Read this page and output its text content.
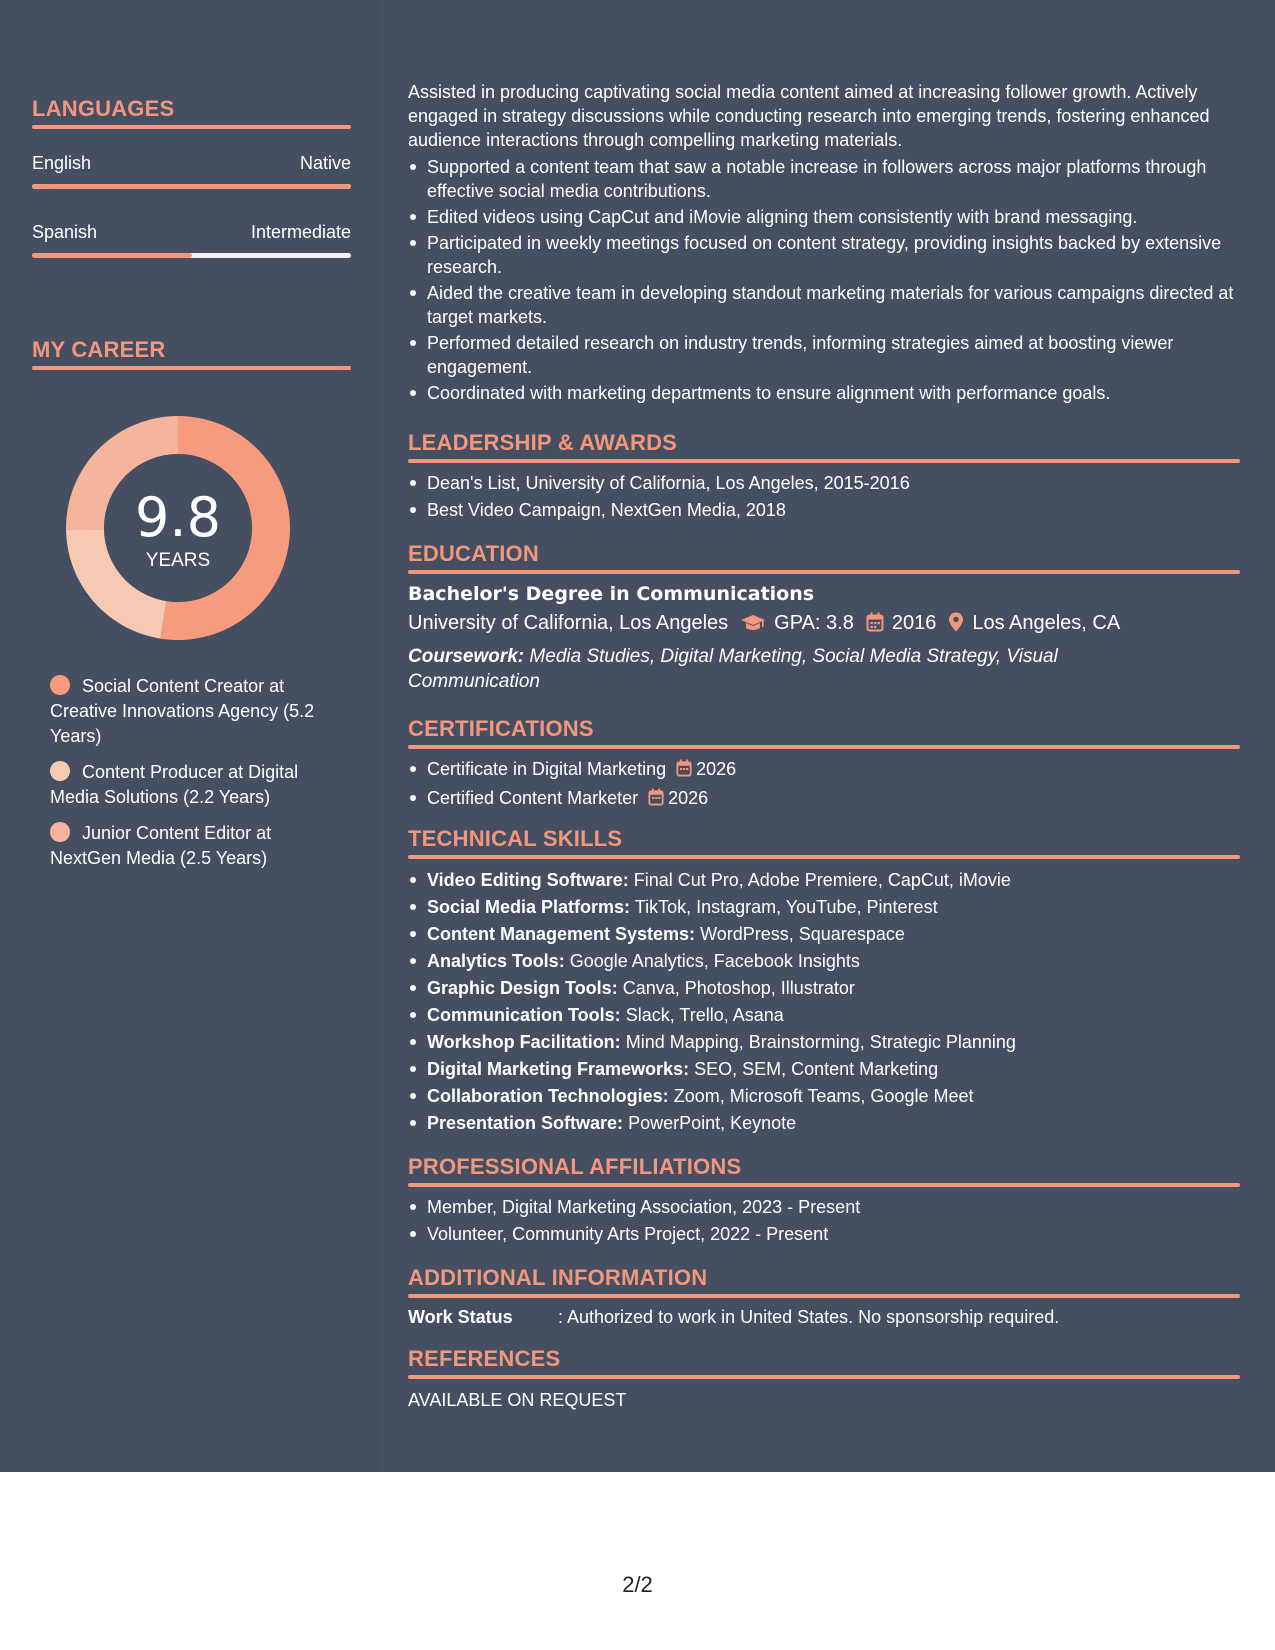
LANGUAGES
English	Native
Spanish	Intermediate
MY CAREER
9.8
YEARS
Social Content Creator at Creative Innovations Agency (5.2 Years)
Content Producer at Digital Media Solutions (2.2 Years)
Junior Content Editor at NextGen Media (2.5 Years)
Assisted in producing captivating social media content aimed at increasing follower growth. Actively engaged in strategy discussions while conducting research into emerging trends, fostering enhanced audience interactions through compelling marketing materials.
Supported a content team that saw a notable increase in followers across major platforms through effective social media contributions.
Edited videos using CapCut and iMovie aligning them consistently with brand messaging.
Participated in weekly meetings focused on content strategy, providing insights backed by extensive research.
Aided the creative team in developing standout marketing materials for various campaigns directed at target markets.
Performed detailed research on industry trends, informing strategies aimed at boosting viewer engagement.
Coordinated with marketing departments to ensure alignment with performance goals.
LEADERSHIP & AWARDS
Dean's List, University of California, Los Angeles, 2015-2016
Best Video Campaign, NextGen Media, 2018
EDUCATION
Bachelor's Degree in Communications
University of California, Los Angeles GPA: 3.8 2016 Los Angeles, CA
Coursework: Media Studies, Digital Marketing, Social Media Strategy, Visual Communication
CERTIFICATIONS
Certificate in Digital Marketing 2026
Certified Content Marketer 2026
TECHNICAL SKILLS
Video Editing Software: Final Cut Pro, Adobe Premiere, CapCut, iMovie
Social Media Platforms: TikTok, Instagram, YouTube, Pinterest
Content Management Systems: WordPress, Squarespace
Analytics Tools: Google Analytics, Facebook Insights
Graphic Design Tools: Canva, Photoshop, Illustrator
Communication Tools: Slack, Trello, Asana
Workshop Facilitation: Mind Mapping, Brainstorming, Strategic Planning
Digital Marketing Frameworks: SEO, SEM, Content Marketing
Collaboration Technologies: Zoom, Microsoft Teams, Google Meet
Presentation Software: PowerPoint, Keynote
PROFESSIONAL AFFILIATIONS
Member, Digital Marketing Association, 2023 - Present
Volunteer, Community Arts Project, 2022 - Present
ADDITIONAL INFORMATION
Work Status	: Authorized to work in United States. No sponsorship required.
REFERENCES
AVAILABLE ON REQUEST
2/2
